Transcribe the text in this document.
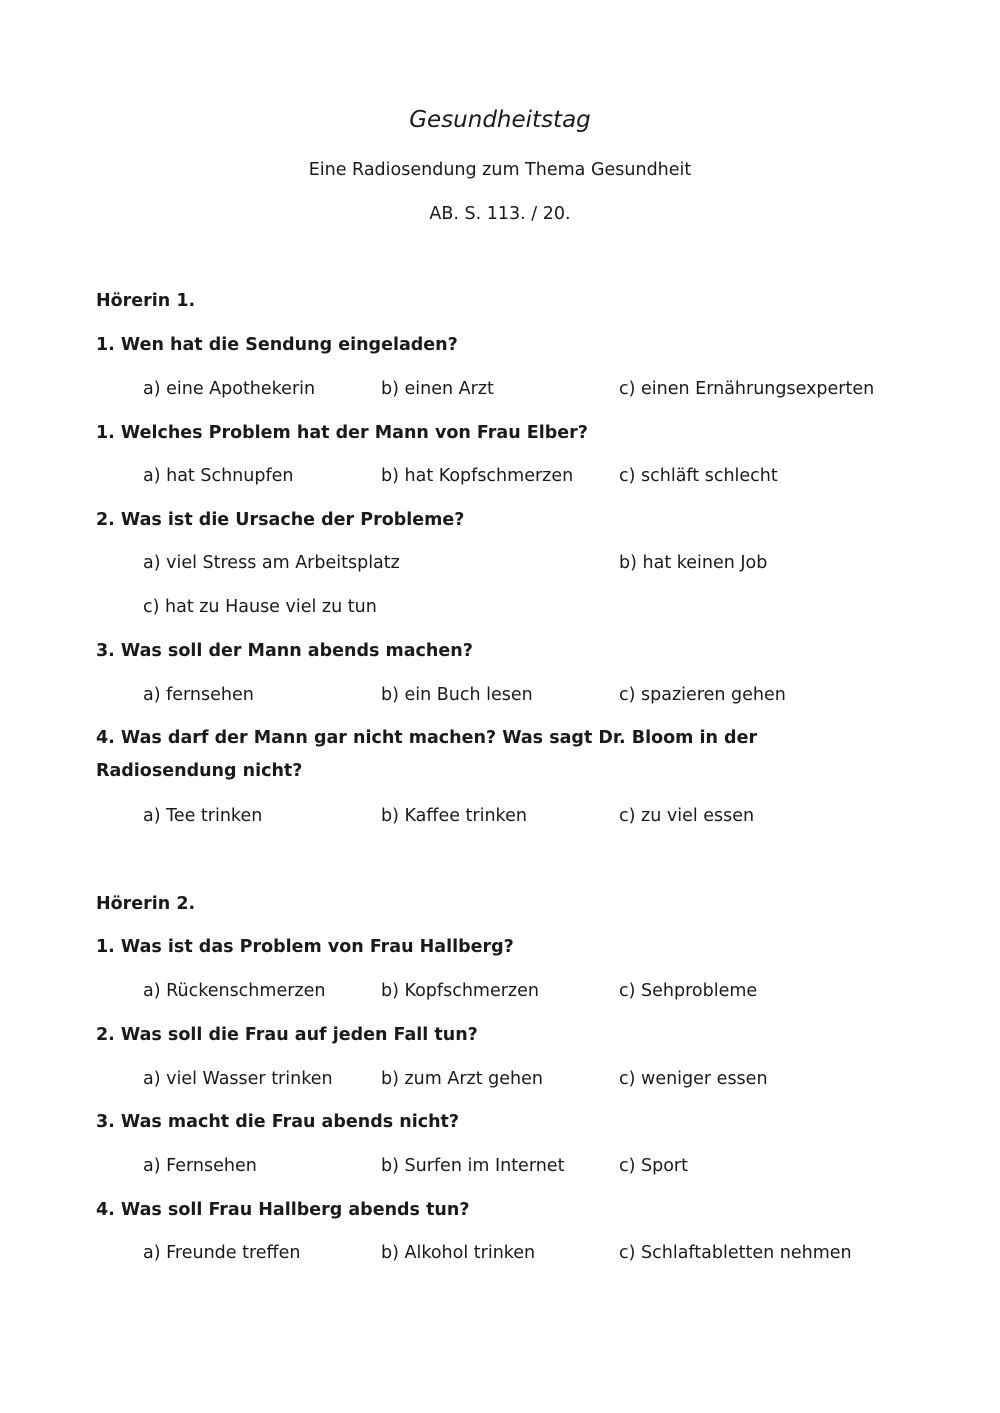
Gesundheitstag
Eine Radiosendung zum Thema Gesundheit
AB. S. 113. / 20.
Hörerin 1.
1. Wen hat die Sendung eingeladen?
a) eine Apothekerin	b) einen Arzt	c) einen Ernährungsexperten
1. Welches Problem hat der Mann von Frau Elber?
a) hat Schnupfen	b) hat Kopfschmerzen	c) schläft schlecht
2. Was ist die Ursache der Probleme?
a) viel Stress am Arbeitsplatz	b) hat keinen Job
c) hat zu Hause viel zu tun
3. Was soll der Mann abends machen?
a) fernsehen	b) ein Buch lesen	c) spazieren gehen
4. Was darf der Mann gar nicht machen? Was sagt Dr. Bloom in der Radiosendung nicht?
a) Tee trinken	b) Kaffee trinken	c) zu viel essen
Hörerin 2.
1. Was ist das Problem von Frau Hallberg?
a) Rückenschmerzen	b) Kopfschmerzen	c) Sehprobleme
2. Was soll die Frau auf jeden Fall tun?
a) viel Wasser trinken	b) zum Arzt gehen	c) weniger essen
3. Was macht die Frau abends nicht?
a) Fernsehen	b) Surfen im Internet	c) Sport
4. Was soll Frau Hallberg abends tun?
a) Freunde treffen	b) Alkohol trinken	c) Schlaftabletten nehmen
